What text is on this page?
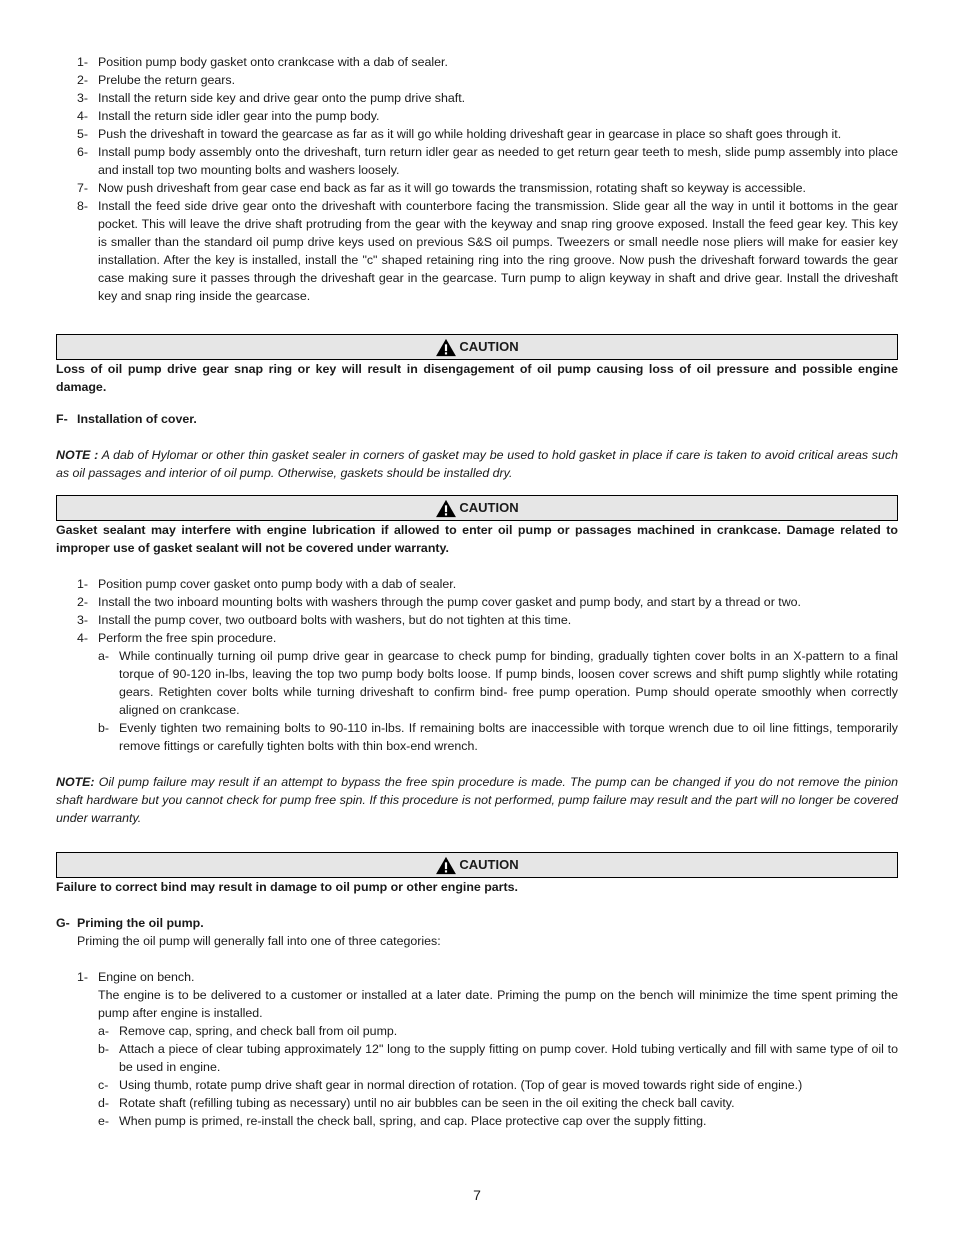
1- Position pump body gasket onto crankcase with a dab of sealer.
2- Prelube the return gears.
3- Install the return side key and drive gear onto the pump drive shaft.
4- Install the return side idler gear into the pump body.
5- Push the driveshaft in toward the gearcase as far as it will go while holding driveshaft gear in gearcase in place so shaft goes through it.
6- Install pump body assembly onto the driveshaft, turn return idler gear as needed to get return gear teeth to mesh, slide pump assembly into place and install top two mounting bolts and washers loosely.
7- Now push driveshaft from gear case end back as far as it will go towards the transmission, rotating shaft so keyway is accessible.
8- Install the feed side drive gear onto the driveshaft with counterbore facing the transmission. Slide gear all the way in until it bottoms in the gear pocket. This will leave the drive shaft protruding from the gear with the keyway and snap ring groove exposed. Install the feed gear key. This key is smaller than the standard oil pump drive keys used on previous S&S oil pumps. Tweezers or small needle nose pliers will make for easier key installation. After the key is installed, install the "c" shaped retaining ring into the ring groove. Now push the driveshaft forward towards the gear case making sure it passes through the driveshaft gear in the gearcase. Turn pump to align keyway in shaft and drive gear. Install the driveshaft key and snap ring inside the gearcase.
CAUTION
Loss of oil pump drive gear snap ring or key will result in disengagement of oil pump causing loss of oil pressure and possible engine damage.
F- Installation of cover.
NOTE : A dab of Hylomar or other thin gasket sealer in corners of gasket may be used to hold gasket in place if care is taken to avoid critical areas such as oil passages and interior of oil pump. Otherwise, gaskets should be installed dry.
CAUTION
Gasket sealant may interfere with engine lubrication if allowed to enter oil pump or passages machined in crankcase. Damage related to improper use of gasket sealant will not be covered under warranty.
1- Position pump cover gasket onto pump body with a dab of sealer.
2- Install the two inboard mounting bolts with washers through the pump cover gasket and pump body, and start by a thread or two.
3- Install the pump cover, two outboard bolts with washers, but do not tighten at this time.
4- Perform the free spin procedure.
a- While continually turning oil pump drive gear in gearcase to check pump for binding, gradually tighten cover bolts in an X-pattern to a final torque of 90-120 in-lbs, leaving the top two pump body bolts loose. If pump binds, loosen cover screws and shift pump slightly while rotating gears. Retighten cover bolts while turning driveshaft to confirm bind- free pump operation. Pump should operate smoothly when correctly aligned on crankcase.
b- Evenly tighten two remaining bolts to 90-110 in-lbs. If remaining bolts are inaccessible with torque wrench due to oil line fittings, temporarily remove fittings or carefully tighten bolts with thin box-end wrench.
NOTE: Oil pump failure may result if an attempt to bypass the free spin procedure is made. The pump can be changed if you do not remove the pinion shaft hardware but you cannot check for pump free spin. If this procedure is not performed, pump failure may result and the part will no longer be covered under warranty.
CAUTION
Failure to correct bind may result in damage to oil pump or other engine parts.
G- Priming the oil pump.
Priming the oil pump will generally fall into one of three categories:
1- Engine on bench.
The engine is to be delivered to a customer or installed at a later date. Priming the pump on the bench will minimize the time spent priming the pump after engine is installed.
a- Remove cap, spring, and check ball from oil pump.
b- Attach a piece of clear tubing approximately 12" long to the supply fitting on pump cover. Hold tubing vertically and fill with same type of oil to be used in engine.
c- Using thumb, rotate pump drive shaft gear in normal direction of rotation. (Top of gear is moved towards right side of engine.)
d- Rotate shaft (refilling tubing as necessary) until no air bubbles can be seen in the oil exiting the check ball cavity.
e- When pump is primed, re-install the check ball, spring, and cap. Place protective cap over the supply fitting.
7
